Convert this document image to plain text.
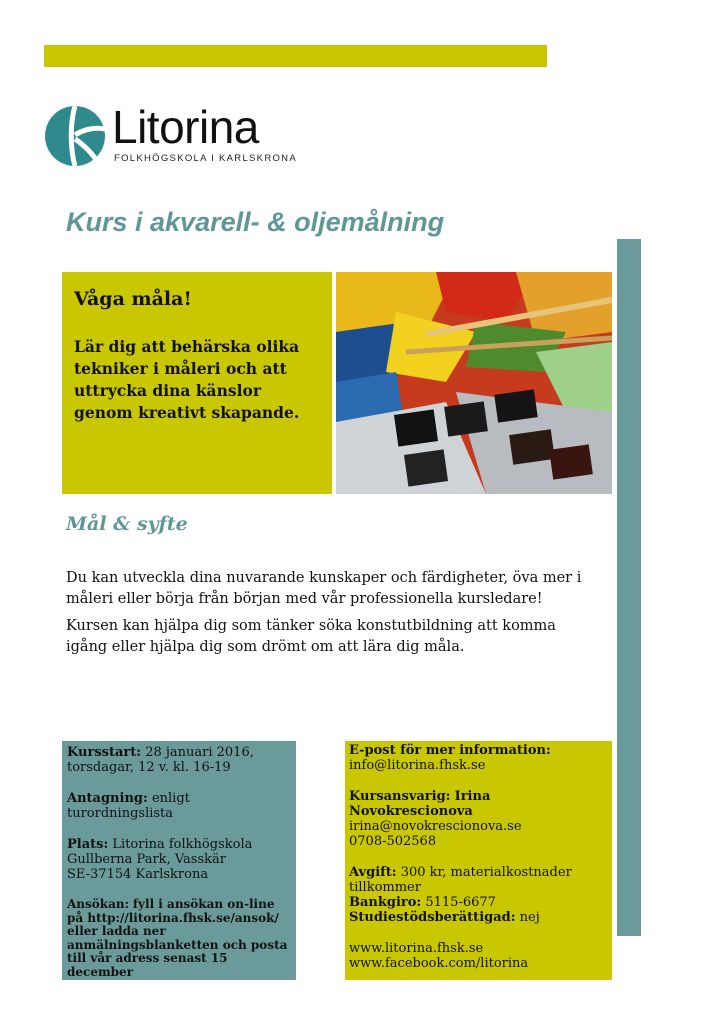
Litorina
FOLKHÖGSKOLA I KARLSKRONA
Kurs i akvarell- & oljemålning

Våga måla!

Lär dig att behärska olika tekniker i måleri och att uttrycka dina känslor genom kreativt skapande.

Mål & syfte

Du kan utveckla dina nuvarande kunskaper och färdigheter, öva mer i måleri eller börja från början med vår professionella kursledare!

Kursen kan hjälpa dig som tänker söka konstutbildning att komma igång eller hjälpa dig som drömt om att lära dig måla.

Kursstart: 28 januari 2016,
torsdagar, 12 v. kl. 16-19
Antagning: enligt turordningslista
Plats: Litorina folkhögskola
Gullberna Park, Vasskär
SE-37154 Karlskrona
Ansökan: fyll i ansökan on-line på http://litorina.fhsk.se/ansok/ eller ladda ner anmälningsblanketten och posta till vår adress senast 15 december
E-post för mer information:
info@litorina.fhsk.se
Kursansvarig: Irina Novokrescionova
irina@novokrescionova.se
0708-502568
Avgift: 300 kr, materialkostnader
tillkommer
Bankgiro: 5115-6677
Studiestödsberättigad: nej
www.litorina.fhsk.se
www.facebook.com/litorina
